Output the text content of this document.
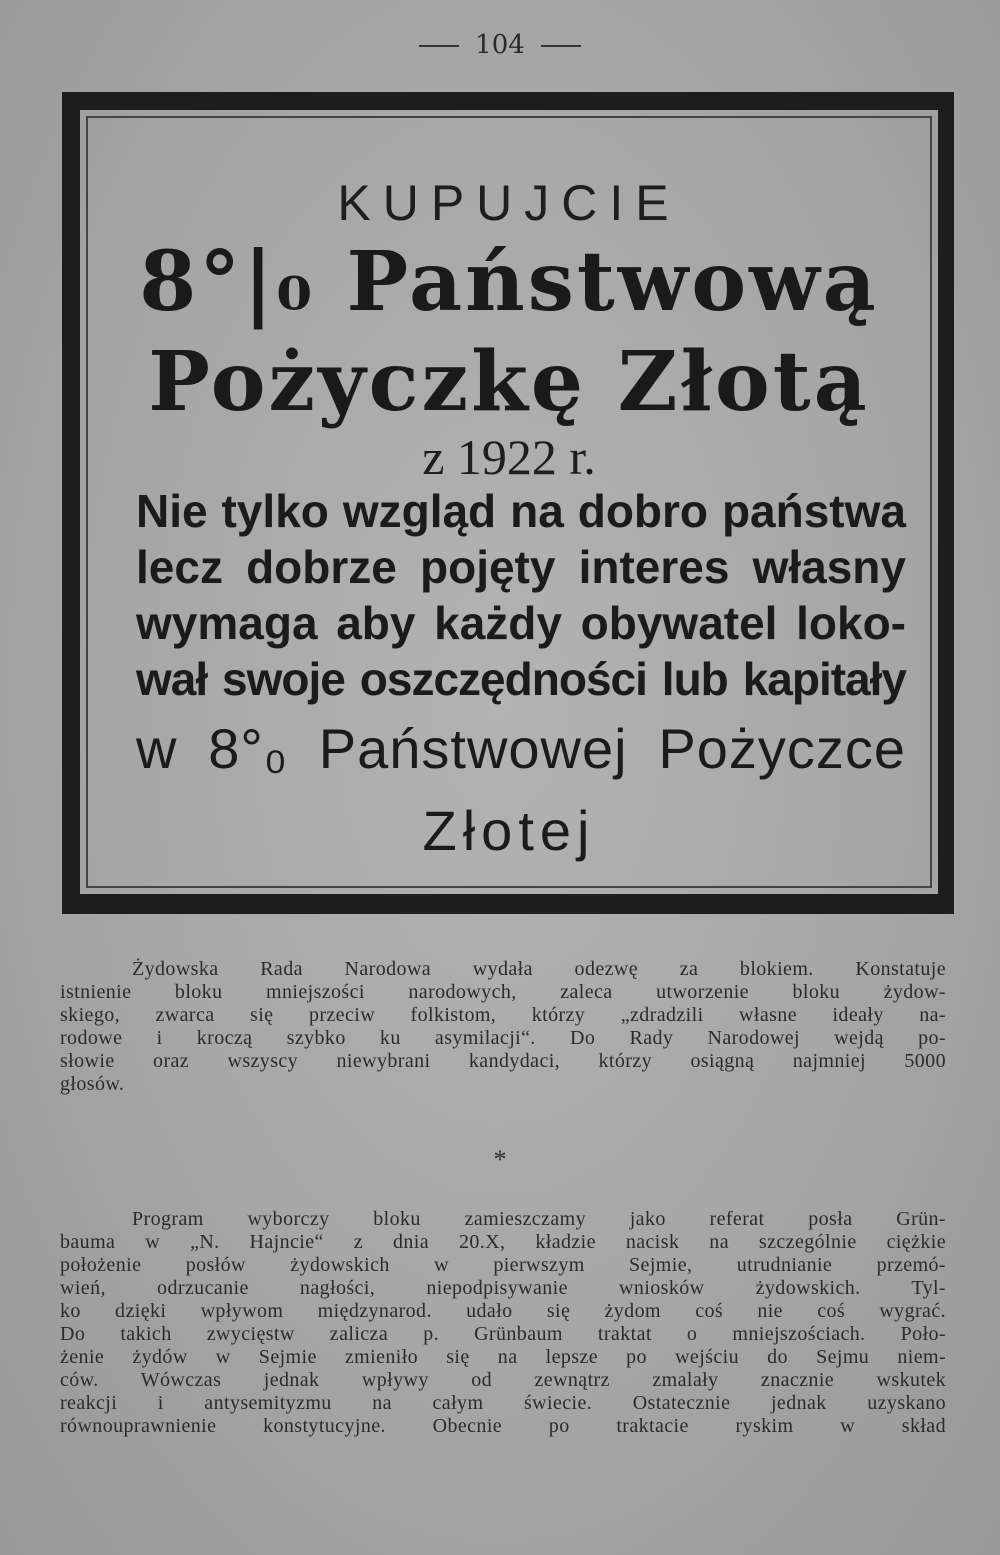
104
KUPUJCIE
8°|₀ Państwową
Pożyczkę Złotą
z 1922 r.
Nie tylko wzgląd na dobro państwa
lecz dobrze pojęty interes własny
wymaga aby każdy obywatel loko-
wał swoje oszczędności lub kapitały
w 8°₀ Państwowej Pożyczce
Złotej
Żydowska Rada Narodowa wydała odezwę za blokiem. Konstatuje
istnienie bloku mniejszości narodowych, zaleca utworzenie bloku żydow-
skiego, zwarca się przeciw folkistom, którzy „zdradzili własne ideały na-
rodowe i kroczą szybko ku asymilacji“. Do Rady Narodowej wejdą po-
słowie oraz wszyscy niewybrani kandydaci, którzy osiągną najmniej 5000
głosów.
*
Program wyborczy bloku zamieszczamy jako referat posła Grün-
bauma w „N. Hajncie“ z dnia 20.X, kładzie nacisk na szczególnie ciężkie
położenie posłów żydowskich w pierwszym Sejmie, utrudnianie przemó-
wień, odrzucanie nagłości, niepodpisywanie wniosków żydowskich. Tyl-
ko dzięki wpływom międzynarod. udało się żydom coś nie coś wygrać.
Do takich zwycięstw zalicza p. Grünbaum traktat o mniejszościach. Poło-
żenie żydów w Sejmie zmieniło się na lepsze po wejściu do Sejmu niem-
ców. Wówczas jednak wpływy od zewnątrz zmalały znacznie wskutek
reakcji i antysemityzmu na całym świecie. Ostatecznie jednak uzyskano
równouprawnienie konstytucyjne. Obecnie po traktacie ryskim w skład
